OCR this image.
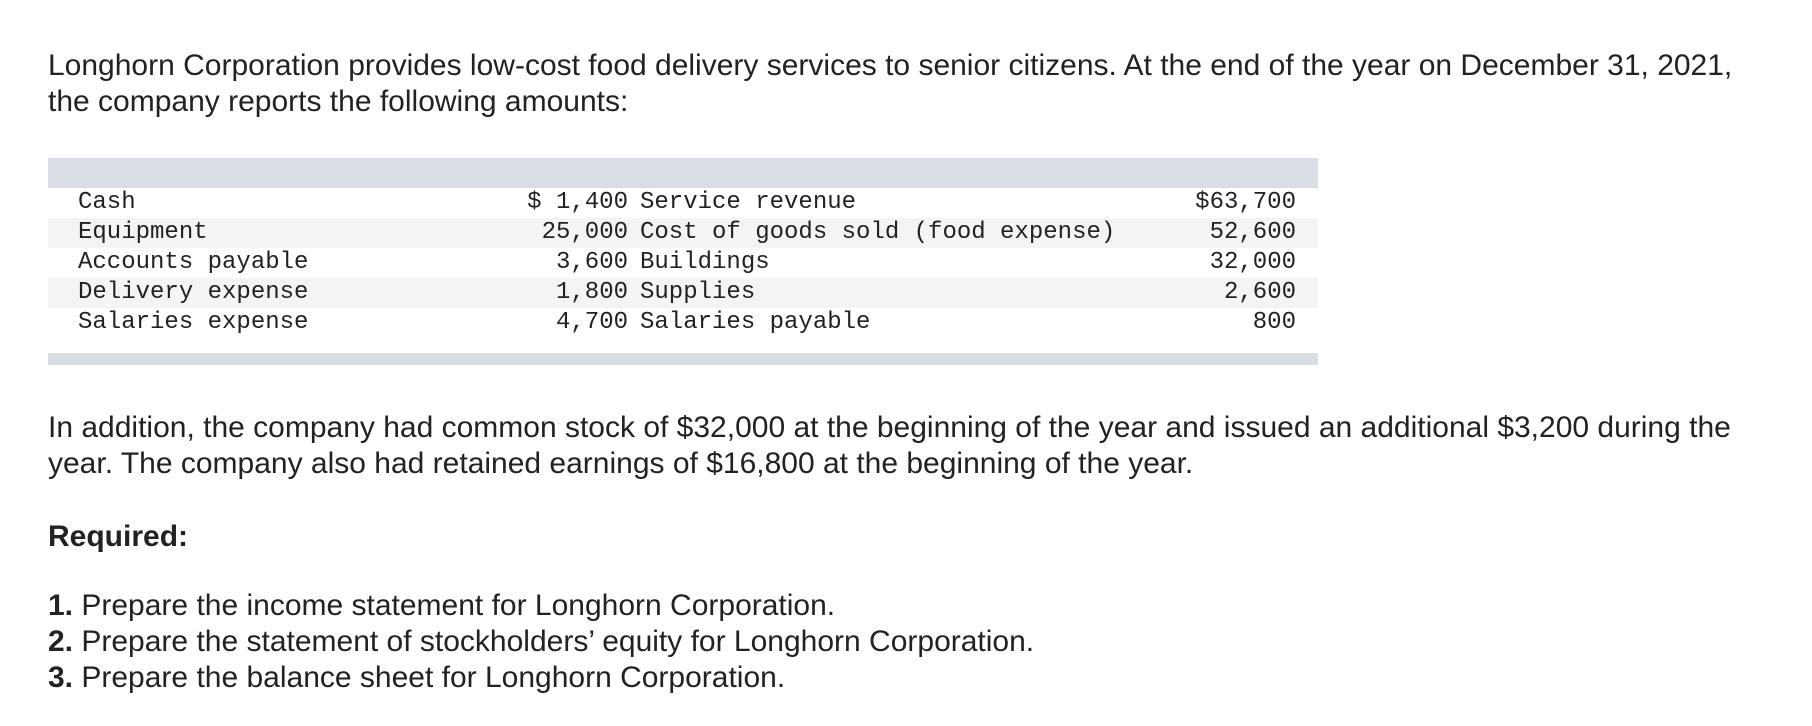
Longhorn Corporation provides low-cost food delivery services to senior citizens. At the end of the year on December 31, 2021, the company reports the following amounts:

Cash	$ 1,400 Service revenue	$63,700
Equipment	25,000 Cost of goods sold (food expense)	52,600
Accounts payable	3,600 Buildings	32,000
Delivery expense	1,800 Supplies	2,600
Salaries expense	4,700 Salaries payable	800

In addition, the company had common stock of $32,000 at the beginning of the year and issued an additional $3,200 during the year. The company also had retained earnings of $16,800 at the beginning of the year.

Required:

1. Prepare the income statement for Longhorn Corporation.
2. Prepare the statement of stockholders’ equity for Longhorn Corporation.
3. Prepare the balance sheet for Longhorn Corporation.
